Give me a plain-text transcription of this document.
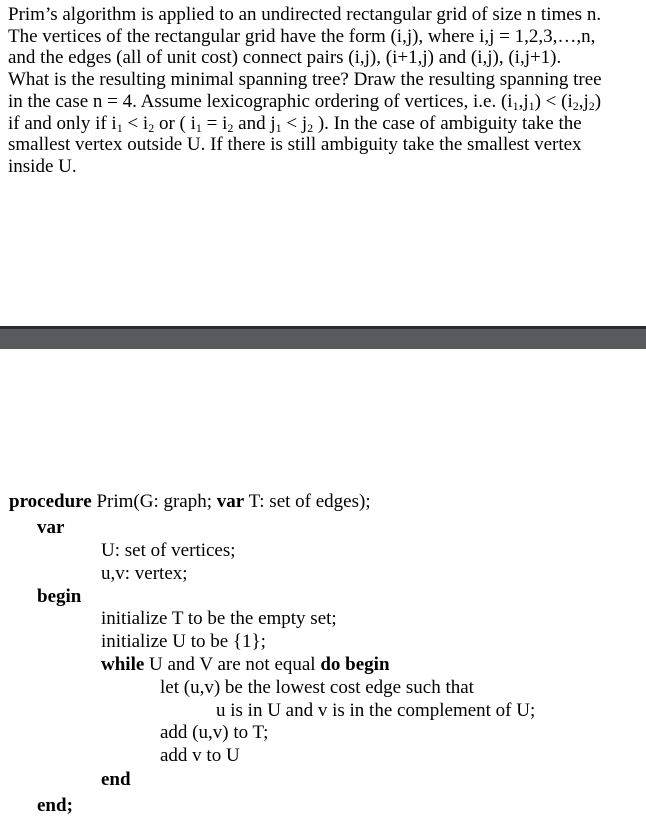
Prim’s algorithm is applied to an undirected rectangular grid of size n times n.
The vertices of the rectangular grid have the form (i,j), where i,j = 1,2,3,…,n,
and the edges (all of unit cost) connect pairs (i,j), (i+1,j) and (i,j), (i,j+1).
What is the resulting minimal spanning tree? Draw the resulting spanning tree
in the case n = 4. Assume lexicographic ordering of vertices, i.e. $(i_1,j_1) < (i_2,j_2)$
if and only if $i_1 < i_2$ or ( $i_1 = i_2$ and $j_1 < j_2$ ). In the case of ambiguity take the
smallest vertex outside U. If there is still ambiguity take the smallest vertex
inside U.
procedure Prim(G: graph; var T: set of edges);
var
U: set of vertices;
u,v: vertex;
begin
initialize T to be the empty set;
initialize U to be {1};
while U and V are not equal do begin
let (u,v) be the lowest cost edge such that
u is in U and v is in the complement of U;
add (u,v) to T;
add v to U
end
end;
